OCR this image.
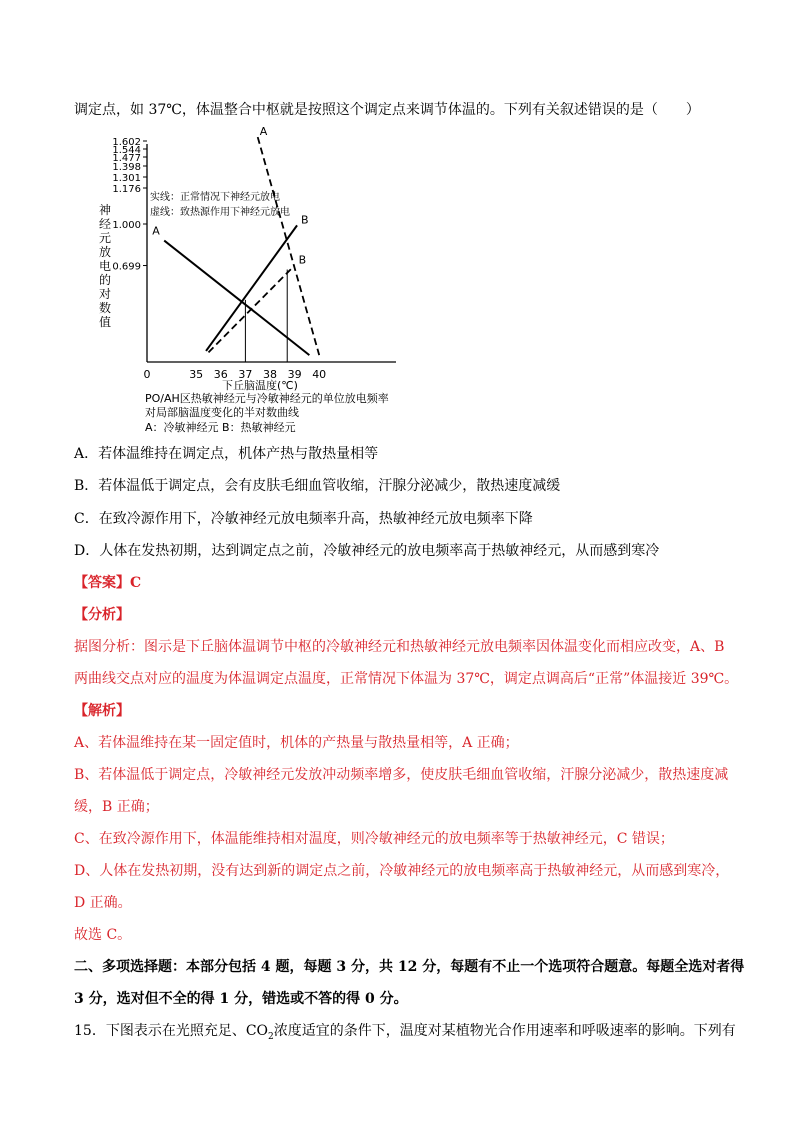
调定点，如 37℃，体温整合中枢就是按照这个调定点来调节体温的。下列有关叙述错误的是（　　）
0	35 36 37 38 39 40
0.699
1.000
1.176
1.301
1.398
1.477
1.544
1.602
A
B
A
B
实线：正常情况下神经元放电
虚线：致热源作用下神经元放电
下丘脑温度(℃)
神
经
元
放
电
的
对
数
值
PO/AH区热敏神经元与冷敏神经元的单位放电频率
对局部脑温度变化的半对数曲线
A：冷敏神经元 B：热敏神经元
A．若体温维持在调定点，机体产热与散热量相等
B．若体温低于调定点，会有皮肤毛细血管收缩，汗腺分泌减少，散热速度减缓
C．在致冷源作用下，冷敏神经元放电频率升高，热敏神经元放电频率下降
D．人体在发热初期，达到调定点之前，冷敏神经元的放电频率高于热敏神经元，从而感到寒冷
【答案】C
【分析】
据图分析：图示是下丘脑体温调节中枢的冷敏神经元和热敏神经元放电频率因体温变化而相应改变，A、B
两曲线交点对应的温度为体温调定点温度，正常情况下体温为 37℃，调定点调高后“正常”体温接近 39℃。
【解析】
A、若体温维持在某一固定值时，机体的产热量与散热量相等，A 正确；
B、若体温低于调定点，冷敏神经元发放冲动频率增多，使皮肤毛细血管收缩，汗腺分泌减少，散热速度减
缓，B 正确；
C、在致冷源作用下，体温能维持相对温度，则冷敏神经元的放电频率等于热敏神经元，C 错误；
D、人体在发热初期，没有达到新的调定点之前，冷敏神经元的放电频率高于热敏神经元，从而感到寒冷，
D 正确。
故选 C。
二、多项选择题：本部分包括 4 题，每题 3 分，共 12 分，每题有不止一个选项符合题意。每题全选对者得
3 分，选对但不全的得 1 分，错选或不答的得 0 分。
15．下图表示在光照充足、$CO_2$浓度适宜的条件下，温度对某植物光合作用速率和呼吸速率的影响。下列有
